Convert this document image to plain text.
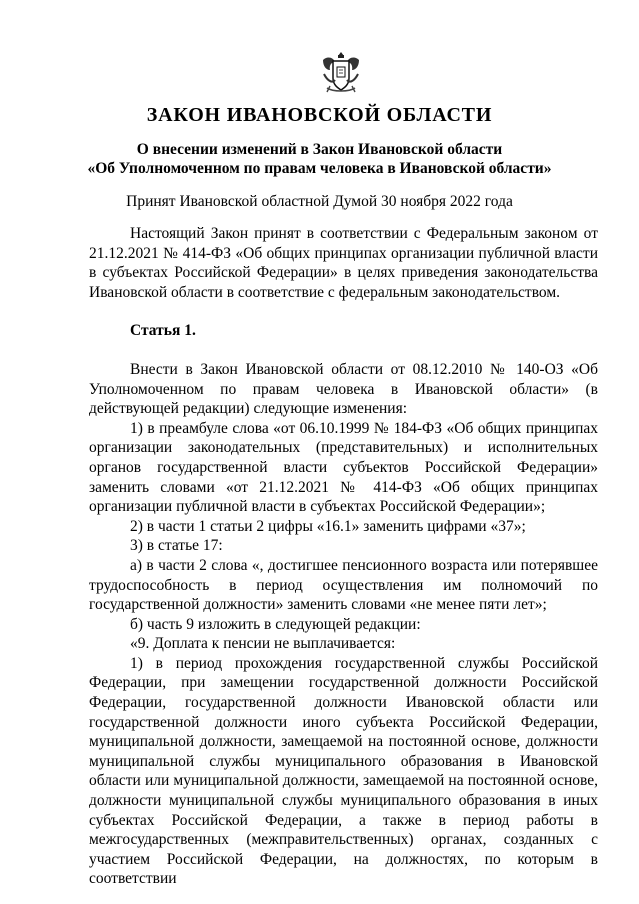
ЗАКОН ИВАНОВСКОЙ ОБЛАСТИ
О внесении изменений в Закон Ивановской области
«Об Уполномоченном по правам человека в Ивановской области»
Принят Ивановской областной Думой 30 ноября 2022 года

Настоящий Закон принят в соответствии с Федеральным законом от 21.12.2021 № 414-ФЗ «Об общих принципах организации публичной власти в субъектах Российской Федерации» в целях приведения законодательства Ивановской области в соответствие с федеральным законодательством.

Статья 1.

Внести в Закон Ивановской области от 08.12.2010 № 140-ОЗ «Об Уполномоченном по правам человека в Ивановской области» (в действующей редакции) следующие изменения:

1) в преамбуле слова «от 06.10.1999 № 184-ФЗ «Об общих принципах организации законодательных (представительных) и исполнительных органов государственной власти субъектов Российской Федерации» заменить словами «от 21.12.2021 № 414-ФЗ «Об общих принципах организации публичной власти в субъектах Российской Федерации»;

2) в части 1 статьи 2 цифры «16.1» заменить цифрами «37»;

3) в статье 17:

а) в части 2 слова «, достигшее пенсионного возраста или потерявшее трудоспособность в период осуществления им полномочий по государственной должности» заменить словами «не менее пяти лет»;

б) часть 9 изложить в следующей редакции:

«9. Доплата к пенсии не выплачивается:

1) в период прохождения государственной службы Российской Федерации, при замещении государственной должности Российской Федерации, государственной должности Ивановской области или государственной должности иного субъекта Российской Федерации, муниципальной должности, замещаемой на постоянной основе, должности муниципальной службы муниципального образования в Ивановской области или муниципальной должности, замещаемой на постоянной основе, должности муниципальной службы муниципального образования в иных субъектах Российской Федерации, а также в период работы в межгосударственных (межправительственных) органах, созданных с участием Российской Федерации, на должностях, по которым в соответствии
